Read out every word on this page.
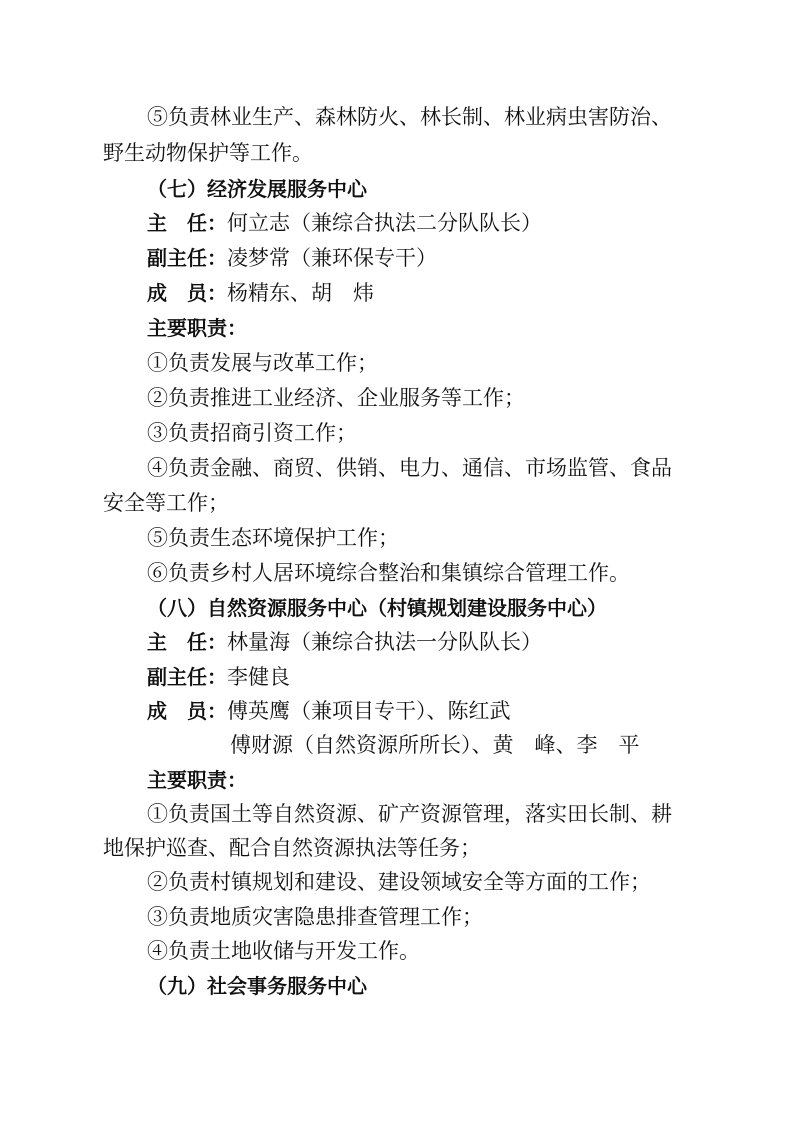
⑤负责林业生产、森林防火、林长制、林业病虫害防治、
野生动物保护等工作。
（七）经济发展服务中心
主　任：何立志（兼综合执法二分队队长）
副主任：凌梦常（兼环保专干）
成　员：杨精东、胡　炜
主要职责：
①负责发展与改革工作；
②负责推进工业经济、企业服务等工作；
③负责招商引资工作；
④负责金融、商贸、供销、电力、通信、市场监管、食品
安全等工作；
⑤负责生态环境保护工作；
⑥负责乡村人居环境综合整治和集镇综合管理工作。
（八）自然资源服务中心（村镇规划建设服务中心）
主　任：林量海（兼综合执法一分队队长）
副主任：李健良
成　员：傅英鹰（兼项目专干）、陈红武
傅财源（自然资源所所长）、黄　峰、李　平
主要职责：
①负责国土等自然资源、矿产资源管理，落实田长制、耕
地保护巡查、配合自然资源执法等任务；
②负责村镇规划和建设、建设领域安全等方面的工作；
③负责地质灾害隐患排查管理工作；
④负责土地收储与开发工作。
（九）社会事务服务中心
